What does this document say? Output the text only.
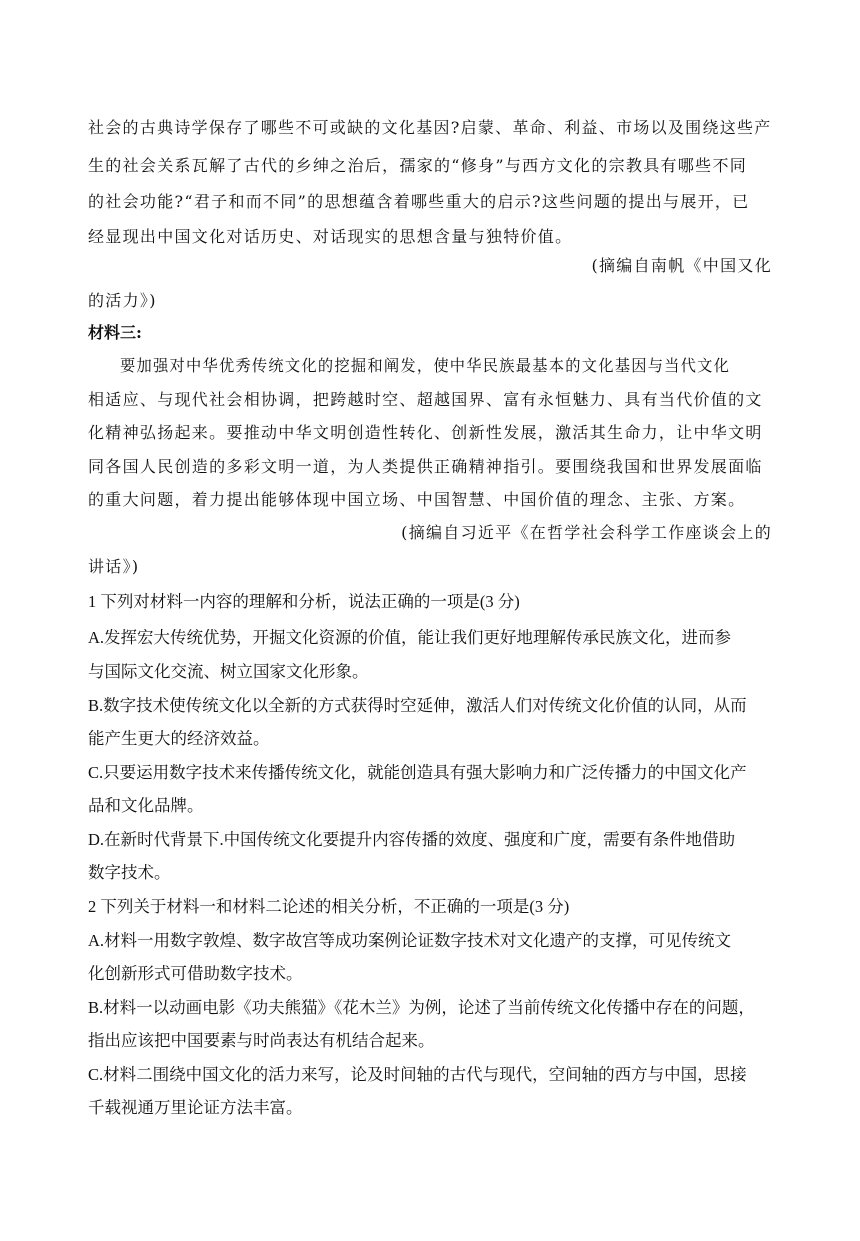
社会的古典诗学保存了哪些不可或缺的文化基因?启蒙、革命、利益、市场以及围绕这些产
生的社会关系瓦解了古代的乡绅之治后，孺家的“修身”与西方文化的宗教具有哪些不同
的社会功能?“君子和而不同”的思想蕴含着哪些重大的启示?这些问题的提出与展开，已
经显现出中国文化对话历史、对话现实的思想含量与独特价值。
(摘编自南帆《中国又化
的活力》)
材料三:
要加强对中华优秀传统文化的挖掘和阐发，使中华民族最基本的文化基因与当代文化
相适应、与现代社会相协调，把跨越时空、超越国界、富有永恒魅力、具有当代价值的文
化精神弘扬起来。要推动中华文明创造性转化、创新性发展，激活其生命力，让中华文明
同各国人民创造的多彩文明一道，为人类提供正确精神指引。要围绕我国和世界发展面临
的重大问题，着力提出能够体现中国立场、中国智慧、中国价值的理念、主张、方案。
(摘编自习近平《在哲学社会科学工作座谈会上的
讲话》)
1 下列对材料一内容的理解和分析，说法正确的一项是(3 分)
A.发挥宏大传统优势，开掘文化资源的价值，能让我们更好地理解传承民族文化，进而参
与国际文化交流、树立国家文化形象。
B.数字技术使传统文化以全新的方式获得时空延伸，激活人们对传统文化价值的认同，从而
能产生更大的经济效益。
C.只要运用数字技术来传播传统文化，就能创造具有强大影响力和广泛传播力的中国文化产
品和文化品牌。
D.在新时代背景下.中国传统文化要提升内容传播的效度、强度和广度，需要有条件地借助
数字技术。
2 下列关于材料一和材料二论述的相关分析，不正确的一项是(3 分)
A.材料一用数字敦煌、数字故宫等成功案例论证数字技术对文化遗产的支撑，可见传统文
化创新形式可借助数字技术。
B.材料一以动画电影《功夫熊猫》《花木兰》为例，论述了当前传统文化传播中存在的问题，
指出应该把中国要素与时尚表达有机结合起来。
C.材料二围绕中国文化的活力来写，论及时间轴的古代与现代，空间轴的西方与中国，思接
千载视通万里论证方法丰富。
